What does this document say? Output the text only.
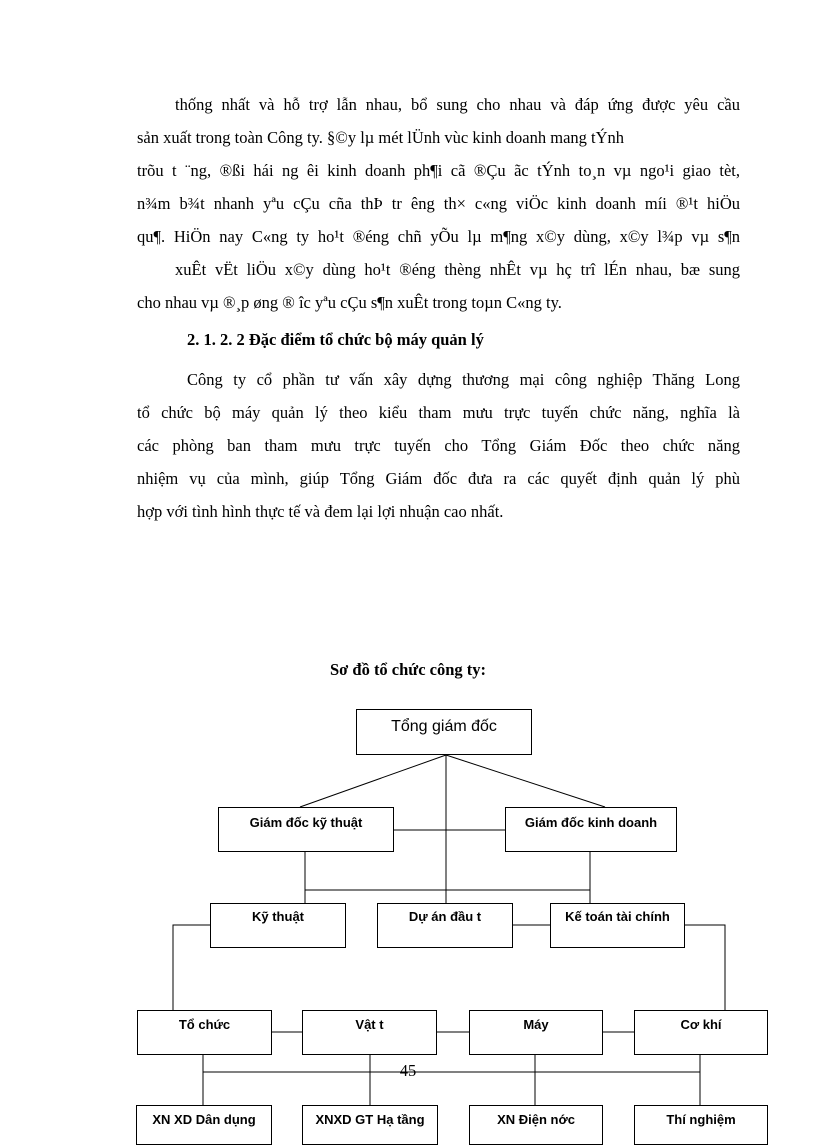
thống nhất và hỗ trợ lẫn nhau, bổ sung cho nhau và đáp ứng được yêu cầu
sản xuất trong toàn Công ty. §©y lµ mét lÜnh vùc kinh doanh mang tÝnh
trõu t ¨ng, ®ßi hái ng êi kinh doanh ph¶i cã ®Çu ãc tÝnh to¸n vµ ngo¹i giao tèt,
n¾m b¾t nhanh yªu cÇu cña thÞ tr êng th× c«ng viÖc kinh doanh míi ®¹t hiÖu
qu¶. HiÖn nay C«ng ty ho¹t ®éng chñ yÕu lµ m¶ng x©y dùng, x©y l¾p vµ s¶n
xuÊt vËt liÖu x©y dùng ho¹t ®éng thèng nhÊt vµ hç trî lÉn nhau, bæ sung
cho nhau vµ ®¸p øng ® îc yªu cÇu s¶n xuÊt trong toµn C«ng ty.
2. 1. 2. 2 Đặc điểm tổ chức bộ máy quản lý
Công ty cổ phần tư vấn xây dựng thương mại công nghiệp Thăng Long
tổ chức bộ máy quản lý theo kiểu tham mưu trực tuyến chức năng, nghĩa là
các phòng ban tham mưu trực tuyến cho Tổng Giám Đốc theo chức năng
nhiệm vụ của mình, giúp Tổng Giám đốc đưa ra các quyết định quản lý phù
hợp với tình hình thực tế và đem lại lợi nhuận cao nhất.
Sơ đồ tổ chức công ty:
Tổng giám đốc
Giám đốc kỹ thuật	Giám đốc kinh doanh
Kỹ thuật	Dự án đầu t	Kế toán tài chính
Tổ chức	Vật t	Máy	Cơ khí
XN XD Dân dụng	XNXD GT Hạ tầng	XN Điện nớc	Thí nghiệm
45
